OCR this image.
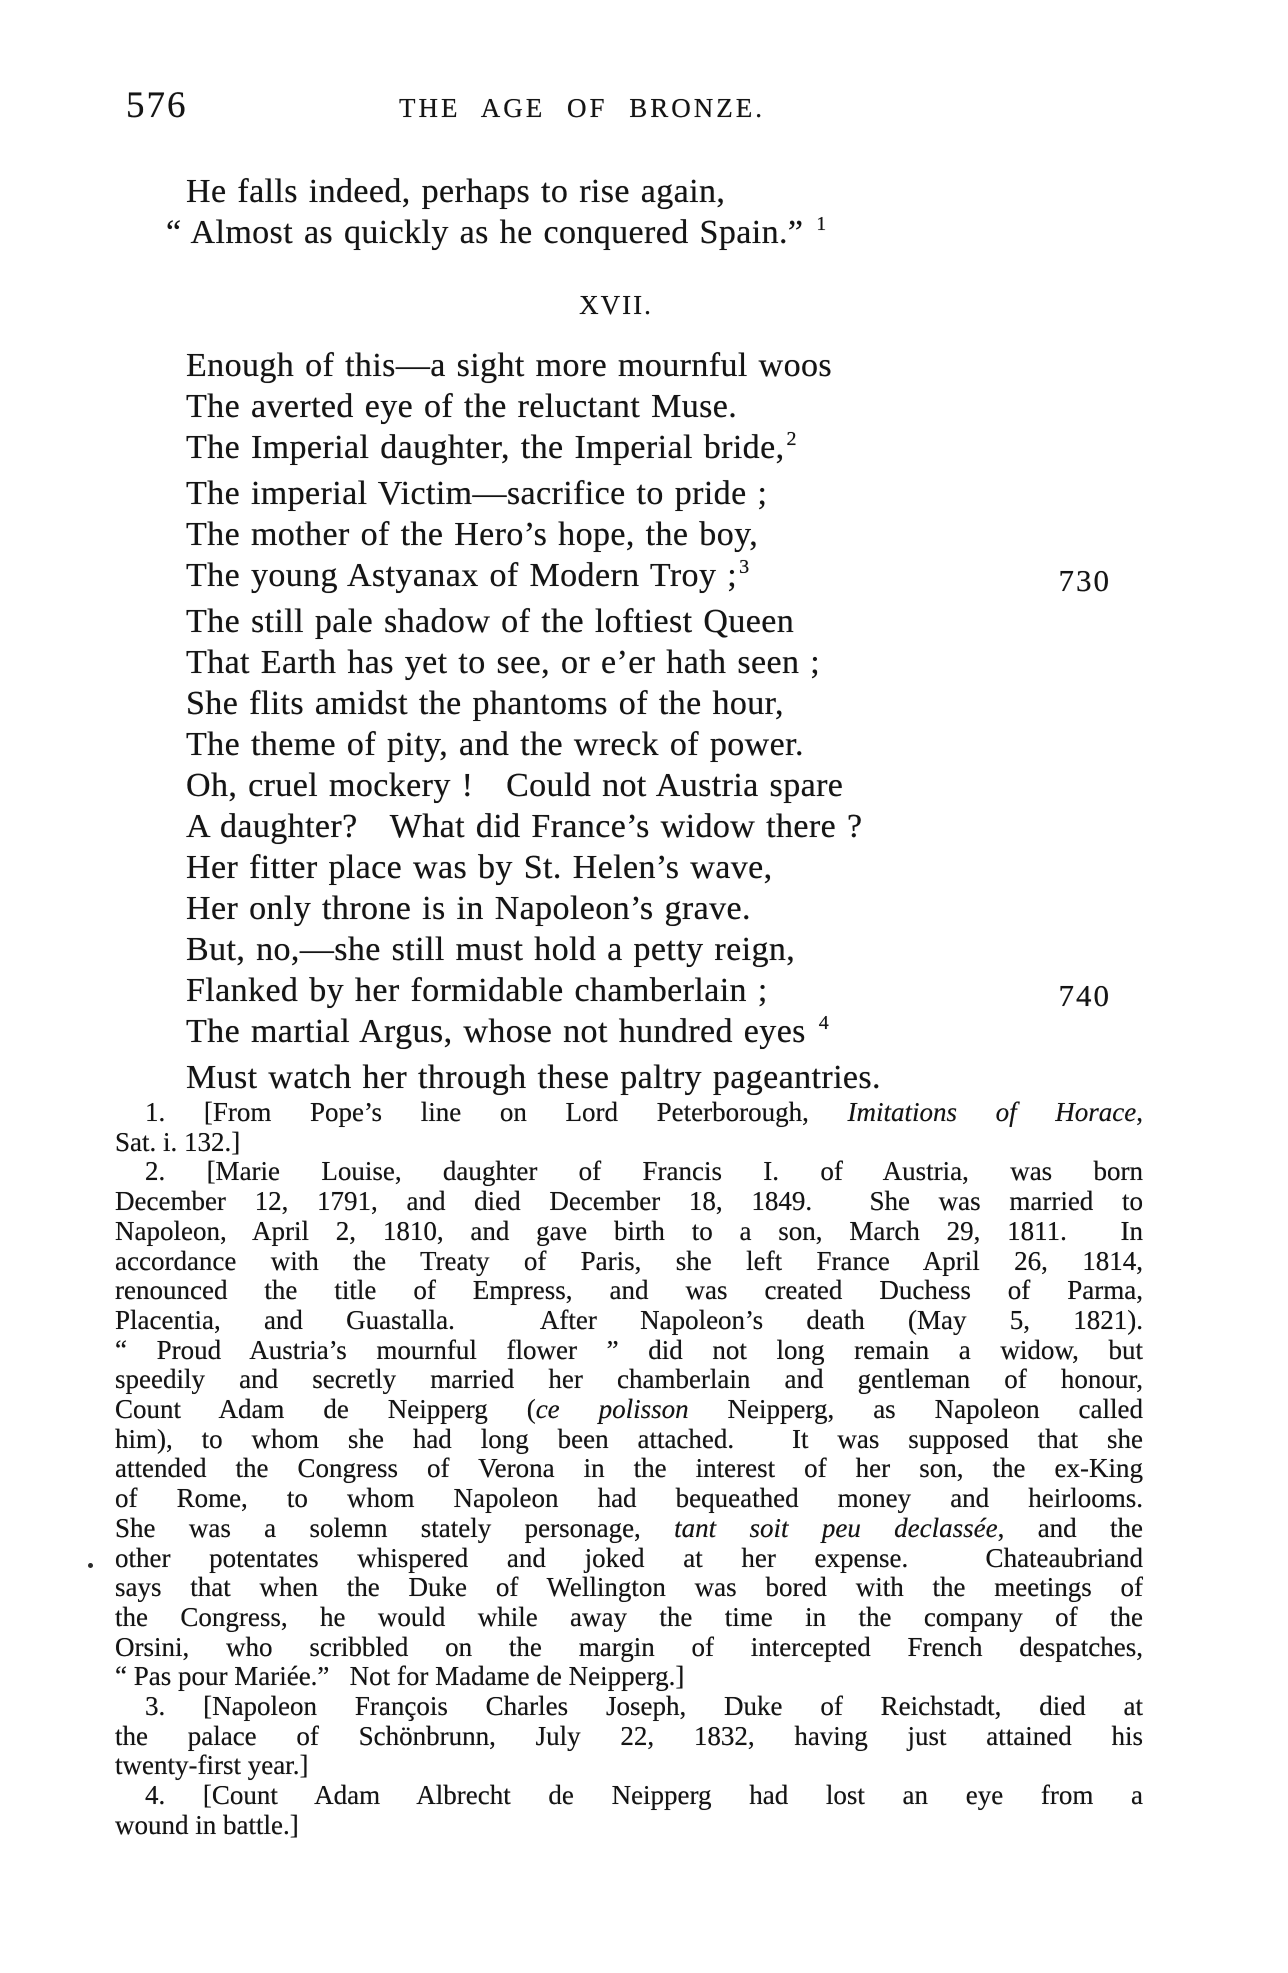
576	THE AGE OF BRONZE.
He falls indeed, perhaps to rise again,
“ Almost as quickly as he conquered Spain.” $^1$
XVII.
Enough of this—a sight more mournful woos
The averted eye of the reluctant Muse.
The Imperial daughter, the Imperial bride, $^2$
The imperial Victim—sacrifice to pride ;
The mother of the Hero’s hope, the boy,
The young Astyanax of Modern Troy ; $^3$	730
The still pale shadow of the loftiest Queen
That Earth has yet to see, or e’er hath seen ;
She flits amidst the phantoms of the hour,
The theme of pity, and the wreck of power.
Oh, cruel mockery !   Could not Austria spare
A daughter?   What did France’s widow there ?
Her fitter place was by St. Helen’s wave,
Her only throne is in Napoleon’s grave.
But, no,—she still must hold a petty reign,
Flanked by her formidable chamberlain ;	740
The martial Argus, whose not hundred eyes $^4$
Must watch her through these paltry pageantries.
1. [From Pope’s line on Lord Peterborough, Imitations of Horace,
Sat. i. 132.]
2. [Marie Louise, daughter of Francis I. of Austria, was born
December 12, 1791, and died December 18, 1849.  She was married to
Napoleon, April 2, 1810, and gave birth to a son, March 29, 1811.  In
accordance with the Treaty of Paris, she left France April 26, 1814,
renounced the title of Empress, and was created Duchess of Parma,
Placentia, and Guastalla.  After Napoleon’s death (May 5, 1821).
“ Proud Austria’s mournful flower ” did not long remain a widow, but
speedily and secretly married her chamberlain and gentleman of honour,
Count Adam de Neipperg (ce polisson Neipperg, as Napoleon called
him), to whom she had long been attached.  It was supposed that she
attended the Congress of Verona in the interest of her son, the ex-King
of Rome, to whom Napoleon had bequeathed money and heirlooms.
She was a solemn stately personage, tant soit peu declassée, and the
other potentates whispered and joked at her expense.  Chateaubriand
says that when the Duke of Wellington was bored with the meetings of
the Congress, he would while away the time in the company of the
Orsini, who scribbled on the margin of intercepted French despatches,
“ Pas pour Mariée.”   Not for Madame de Neipperg.]
3. [Napoleon François Charles Joseph, Duke of Reichstadt, died at
the palace of Schönbrunn, July 22, 1832, having just attained his
twenty-first year.]
4. [Count Adam Albrecht de Neipperg had lost an eye from a
wound in battle.]
